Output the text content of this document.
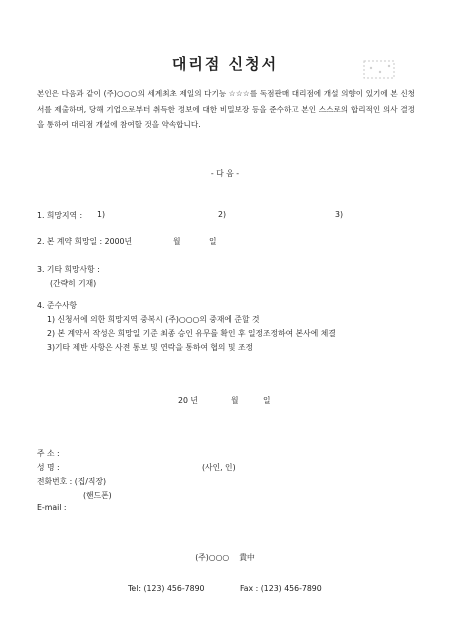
대리점 신청서
본인은 다음과 같이 (주)○○○의 세계최초 제일의 다기능 ☆☆☆를 독점판매 대리점에 개설 의향이 있기에 본 신청서를 제출하며, 당해 기업으로부터 취득한 정보에 대한 비밀보장 등을 준수하고 본인 스스로의 합리적인 의사 결정을 통하여 대리점 개설에 참여할 것을 약속합니다.
- 다 음 -
1. 희망지역 : 1)	2)	3)
2. 본 계약 희망일 : 2000년	월	일
3. 기타 희망사항 :
(간략히 기재)
4. 준수사항
1) 신청서에 의한 희망지역 중복시 (주)○○○의 중재에 준할 것
2) 본 계약서 작성은 희망일 기준 최종 승인 유무를 확인 후 일정조정하여 본사에 체결
3)기타 제반 사항은 사전 통보 및 연락을 통하여 협의 및 조정
20 년	월	일
주 소 :
성 명 :	(사인, 인)
전화번호 : (집/직장)
(핸드폰)
E-mail :
(주)○○○ 貴中
Tel: (123) 456-7890	Fax : (123) 456-7890
